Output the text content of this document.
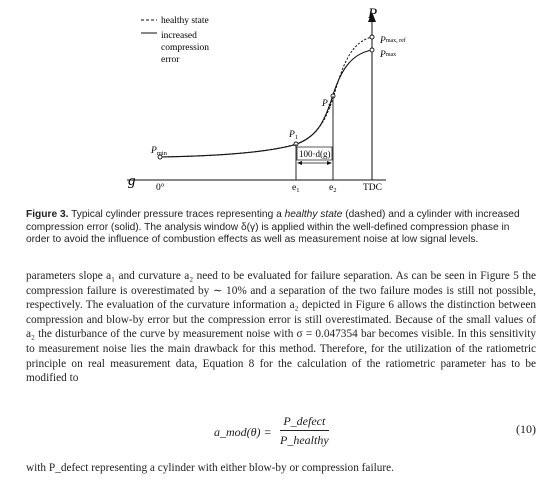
P
g
healthy state
increased
compression
error
$P_{min}$
$P_1$
$P_2$
Pmax, ref
Pmax
100·d(g)
0°	$e_1$	$e_2$	TDC
Figure 3. Typical cylinder pressure traces representing a healthy state (dashed) and a cylinder with increased compression error (solid). The analysis window δ(γ) is applied within the well-defined compression phase in order to avoid the influence of combustion effects as well as measurement noise at low signal levels.

parameters slope a₁ and curvature a₂ need to be evaluated for failure separation. As can be seen in Figure 5 the compression failure is overestimated by ∼ 10% and a separation of the two failure modes is still not possible, respectively. The evaluation of the curvature information a₂ depicted in Figure 6 allows the distinction between compression and blow-by error but the compression error is still overestimated. Because of the small values of a₂ the disturbance of the curve by measurement noise with σ = 0.047354 bar becomes visible. In this sensitivity to measurement noise lies the main drawback for this method. Therefore, for the utilization of the ratiometric principle on real measurement data, Equation 8 for the calculation of the ratiometric parameter has to be modified to

a_mod(θ) =
P_defect
P_healthy
(10)
with P_defect representing a cylinder with either blow-by or compression failure.
